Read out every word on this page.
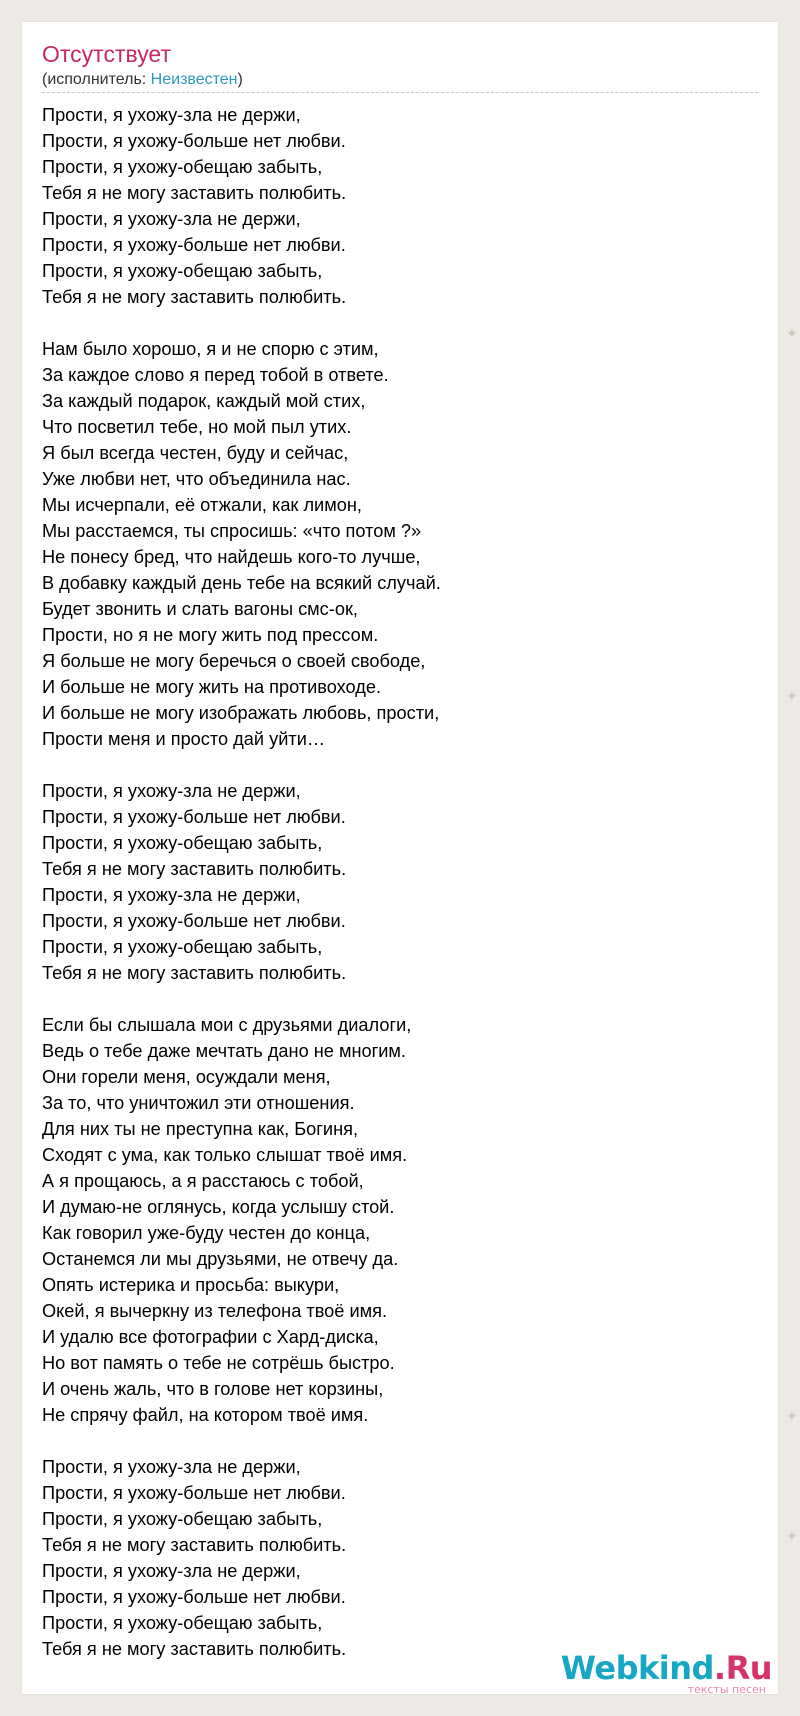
✦
✦
✦
✦
Отсутствует
(исполнитель: Неизвестен)
Прости, я ухожу-зла не держи,
Прости, я ухожу-больше нет любви.
Прости, я ухожу-обещаю забыть,
Тебя я не могу заставить полюбить.
Прости, я ухожу-зла не держи,
Прости, я ухожу-больше нет любви.
Прости, я ухожу-обещаю забыть,
Тебя я не могу заставить полюбить.
Нам было хорошо, я и не спорю с этим,
За каждое слово я перед тобой в ответе.
За каждый подарок, каждый мой стих,
Что посветил тебе, но мой пыл утих.
Я был всегда честен, буду и сейчас,
Уже любви нет, что объединила нас.
Мы исчерпали, её отжали, как лимон,
Мы расстаемся, ты спросишь: «что потом ?»
Не понесу бред, что найдешь кого-то лучше,
В добавку каждый день тебе на всякий случай.
Будет звонить и слать вагоны смс-ок,
Прости, но я не могу жить под прессом.
Я больше не могу беречься о своей свободе,
И больше не могу жить на противоходе.
И больше не могу изображать любовь, прости,
Прости меня и просто дай уйти…
Прости, я ухожу-зла не держи,
Прости, я ухожу-больше нет любви.
Прости, я ухожу-обещаю забыть,
Тебя я не могу заставить полюбить.
Прости, я ухожу-зла не держи,
Прости, я ухожу-больше нет любви.
Прости, я ухожу-обещаю забыть,
Тебя я не могу заставить полюбить.
Если бы слышала мои с друзьями диалоги,
Ведь о тебе даже мечтать дано не многим.
Они горели меня, осуждали меня,
За то, что уничтожил эти отношения.
Для них ты не преступна как, Богиня,
Сходят с ума, как только слышат твоё имя.
А я прощаюсь, а я расстаюсь с тобой,
И думаю-не оглянусь, когда услышу стой.
Как говорил уже-буду честен до конца,
Останемся ли мы друзьями, не отвечу да.
Опять истерика и просьба: выкури,
Окей, я вычеркну из телефона твоё имя.
И удалю все фотографии с Хард-диска,
Но вот память о тебе не сотрёшь быстро.
И очень жаль, что в голове нет корзины,
Не спрячу файл, на котором твоё имя.
Прости, я ухожу-зла не держи,
Прости, я ухожу-больше нет любви.
Прости, я ухожу-обещаю забыть,
Тебя я не могу заставить полюбить.
Прости, я ухожу-зла не держи,
Прости, я ухожу-больше нет любви.
Прости, я ухожу-обещаю забыть,
Тебя я не могу заставить полюбить.	Webkind.Ru
тексты песен
